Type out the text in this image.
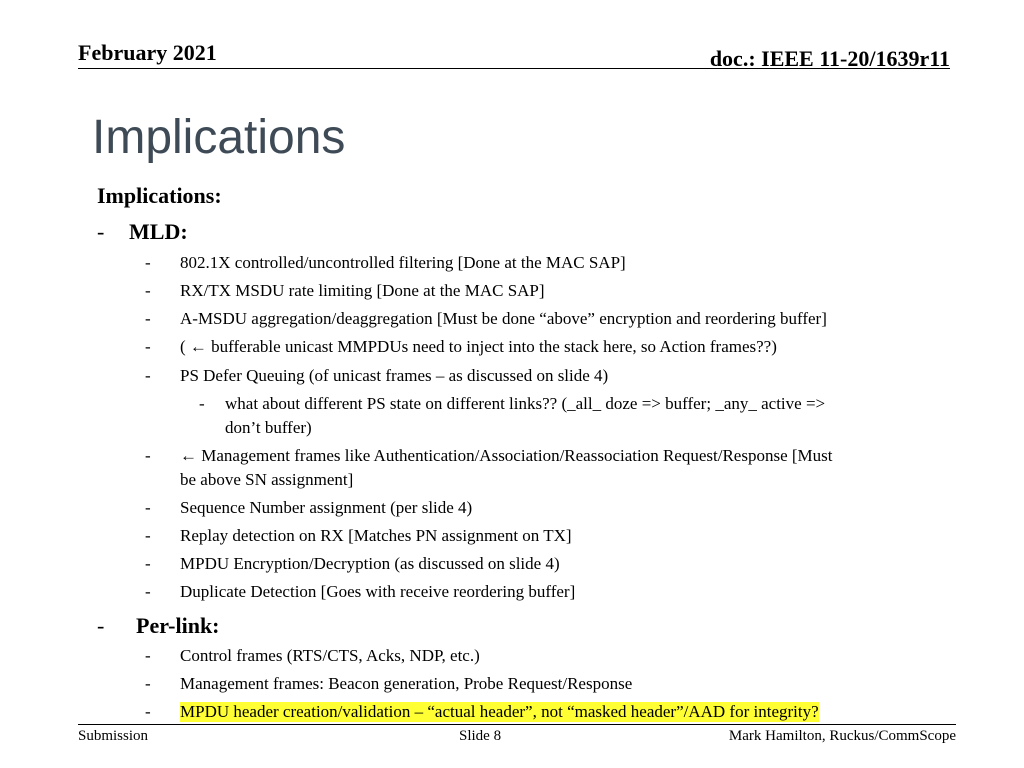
February 2021	doc.: IEEE 11-20/1639r11
Implications
Implications:
- MLD:
- 802.1X controlled/uncontrolled filtering [Done at the MAC SAP]
- RX/TX MSDU rate limiting [Done at the MAC SAP]
- A-MSDU aggregation/deaggregation [Must be done “above” encryption and reordering buffer]
- ( ← bufferable unicast MMPDUs need to inject into the stack here, so Action frames??)
- PS Defer Queuing (of unicast frames – as discussed on slide 4)
- what about different PS state on different links?? (_all_ doze => buffer; _any_ active =>
don’t buffer)
- ← Management frames like Authentication/Association/Reassociation Request/Response [Must
be above SN assignment]
- Sequence Number assignment (per slide 4)
- Replay detection on RX [Matches PN assignment on TX]
- MPDU Encryption/Decryption (as discussed on slide 4)
- Duplicate Detection [Goes with receive reordering buffer]
- Per-link:
- Control frames (RTS/CTS, Acks, NDP, etc.)
- Management frames: Beacon generation, Probe Request/Response
- MPDU header creation/validation – “actual header”, not “masked header”/AAD for integrity?
Submission	Slide 8	Mark Hamilton, Ruckus/CommScope
